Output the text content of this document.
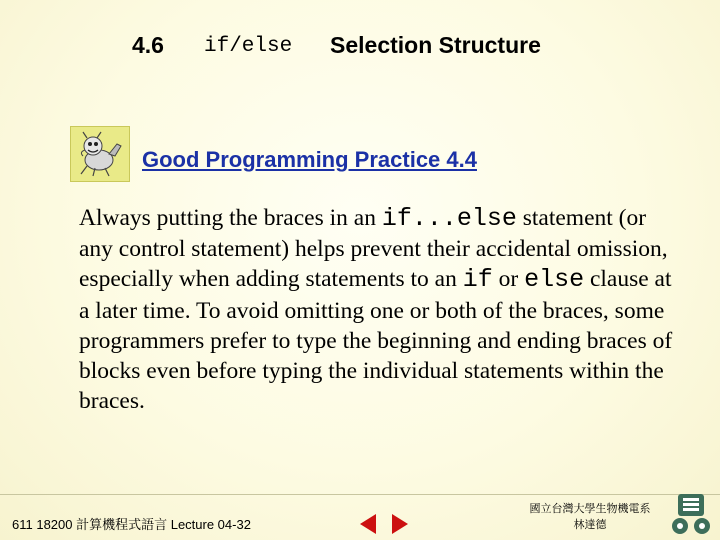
4.6 if/else Selection Structure
Good Programming Practice 4.4
Always putting the braces in an if...else statement (or any control statement) helps prevent their accidental omission, especially when adding statements to an if or else clause at a later time. To avoid omitting one or both of the braces, some programmers prefer to type the beginning and ending braces of blocks even before typing the individual statements within the braces.
611 18200 計算機程式語言 Lecture 04-32
國立台灣大學生物機電系
林達德
